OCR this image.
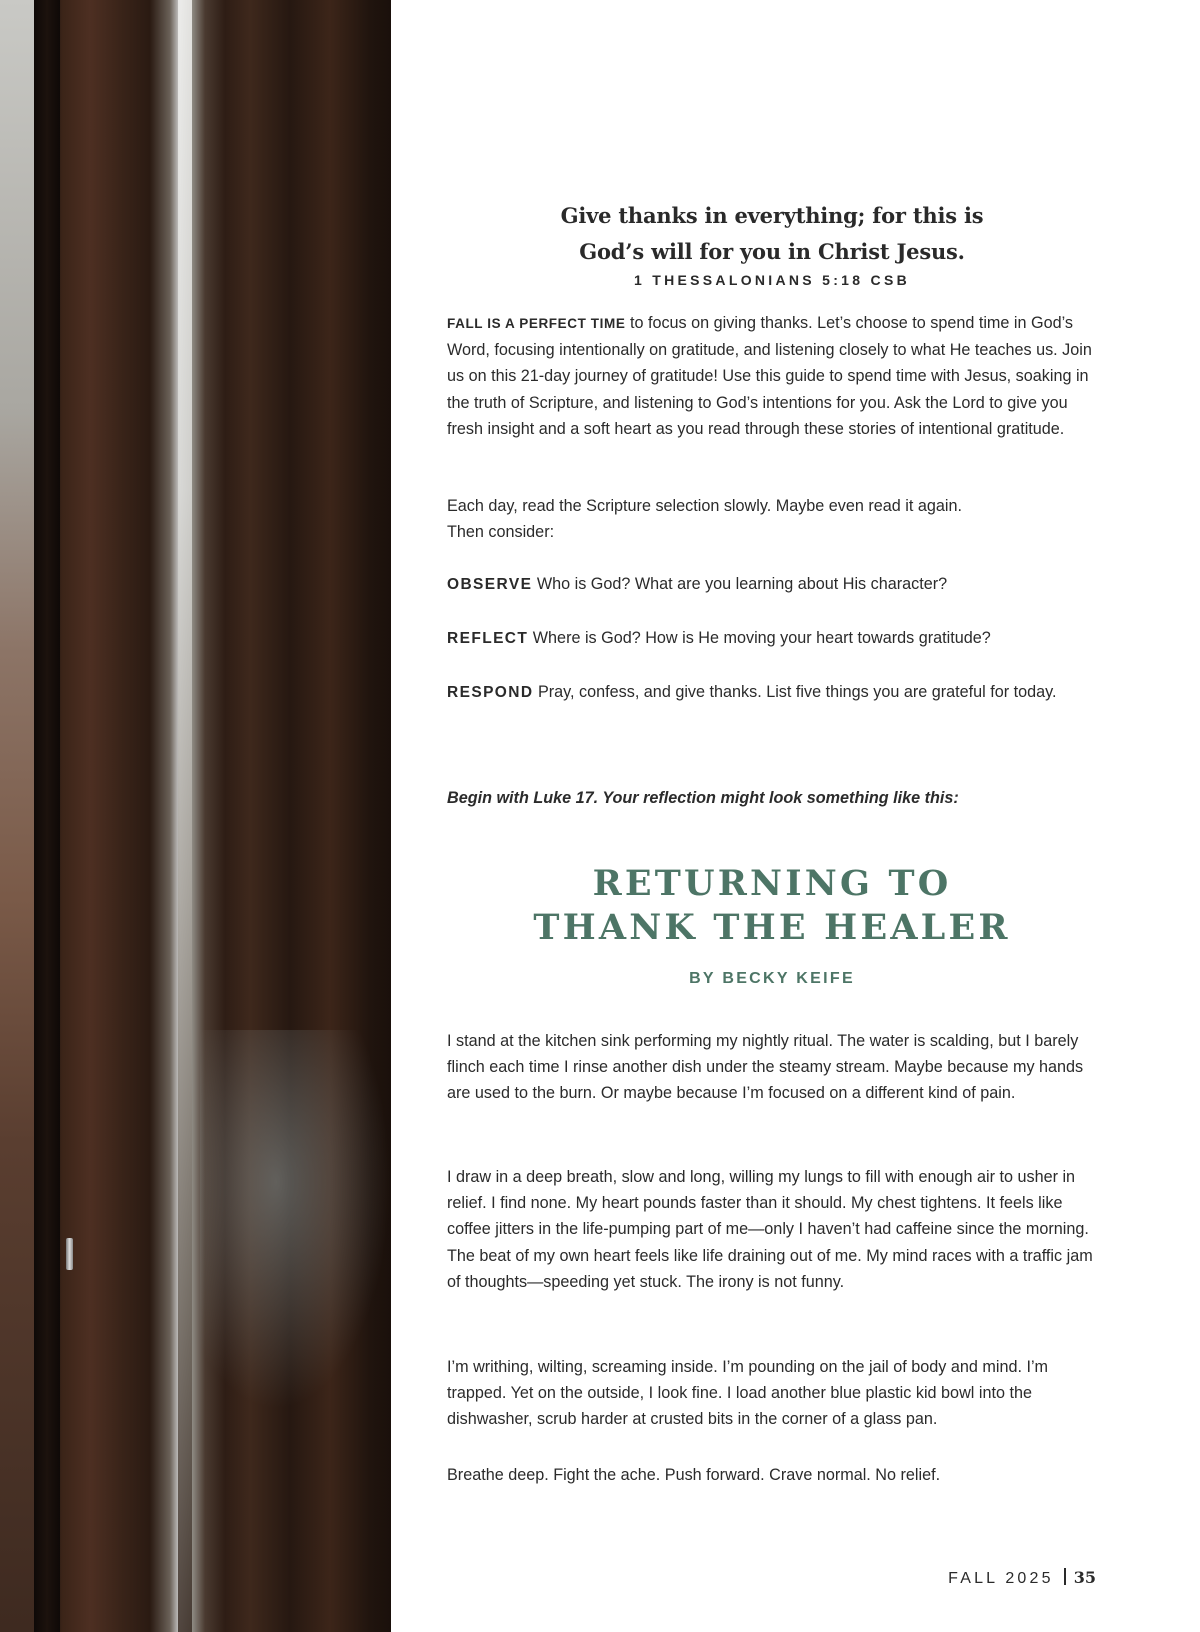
Give thanks in everything; for this is
God’s will for you in Christ Jesus.
1 THESSALONIANS 5:18 CSB

FALL IS A PERFECT TIME to focus on giving thanks. Let’s choose to spend time in God’s Word, focusing intentionally on gratitude, and listening closely to what He teaches us. Join us on this 21-day journey of gratitude! Use this guide to spend time with Jesus, soaking in the truth of Scripture, and listening to God’s intentions for you. Ask the Lord to give you fresh insight and a soft heart as you read through these stories of intentional gratitude.

Each day, read the Scripture selection slowly. Maybe even read it again.
Then consider:

OBSERVE Who is God? What are you learning about His character?

REFLECT Where is God? How is He moving your heart towards gratitude?

RESPOND Pray, confess, and give thanks. List five things you are grateful for today.

Begin with Luke 17. Your reflection might look something like this:

RETURNING TO
THANK THE HEALER
BY BECKY KEIFE

I stand at the kitchen sink performing my nightly ritual. The water is scalding, but I barely flinch each time I rinse another dish under the steamy stream. Maybe because my hands are used to the burn. Or maybe because I’m focused on a different kind of pain.

I draw in a deep breath, slow and long, willing my lungs to fill with enough air to usher in relief. I find none. My heart pounds faster than it should. My chest tightens. It feels like coffee jitters in the life-pumping part of me—only I haven’t had caffeine since the morning. The beat of my own heart feels like life draining out of me. My mind races with a traffic jam of thoughts—speeding yet stuck. The irony is not funny.

I’m writhing, wilting, screaming inside. I’m pounding on the jail of body and mind. I’m trapped. Yet on the outside, I look fine. I load another blue plastic kid bowl into the dishwasher, scrub harder at crusted bits in the corner of a glass pan.

Breathe deep. Fight the ache. Push forward. Crave normal. No relief.

FALL 2025 35
